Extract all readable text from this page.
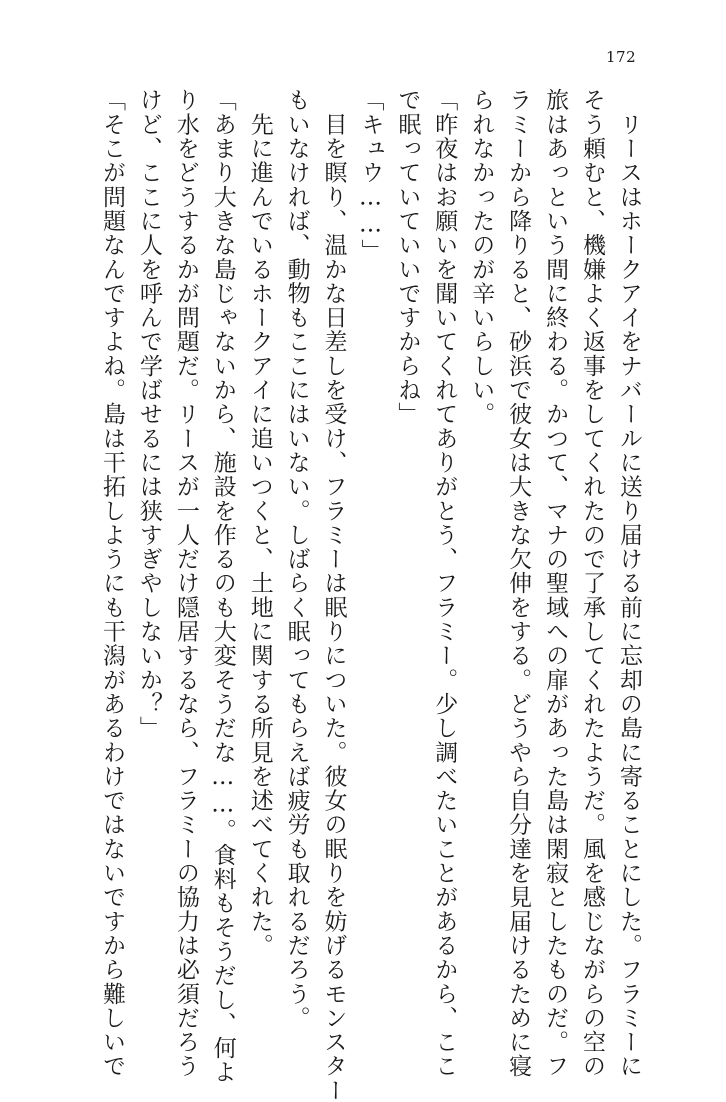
172
　リースはホークアイをナバールに送り届ける前に忘却の島に寄ることにした。フラミーに
そう頼むと、機嫌よく返事をしてくれたので了承してくれたようだ。風を感じながらの空の
旅はあっという間に終わる。かつて、マナの聖域への扉があった島は閑寂としたものだ。フ
ラミーから降りると、砂浜で彼女は大きな欠伸をする。どうやら自分達を見届けるために寝
られなかったのが辛いらしい。
「昨夜はお願いを聞いてくれてありがとう、フラミー。少し調べたいことがあるから、ここ
で眠っていていいですからね」
「キュウ……」
　目を瞑り、温かな日差しを受け、フラミーは眠りについた。彼女の眠りを妨げるモンスター
もいなければ、動物もここにはいない。しばらく眠ってもらえば疲労も取れるだろう。
　先に進んでいるホークアイに追いつくと、土地に関する所見を述べてくれた。
「あまり大きな島じゃないから、施設を作るのも大変そうだな……。食料もそうだし、何よ
り水をどうするかが問題だ。リースが一人だけ隠居するなら、フラミーの協力は必須だろう
けど、ここに人を呼んで学ばせるには狭すぎやしないか？」
「そこが問題なんですよね。島は干拓しようにも干潟があるわけではないですから難しいで
